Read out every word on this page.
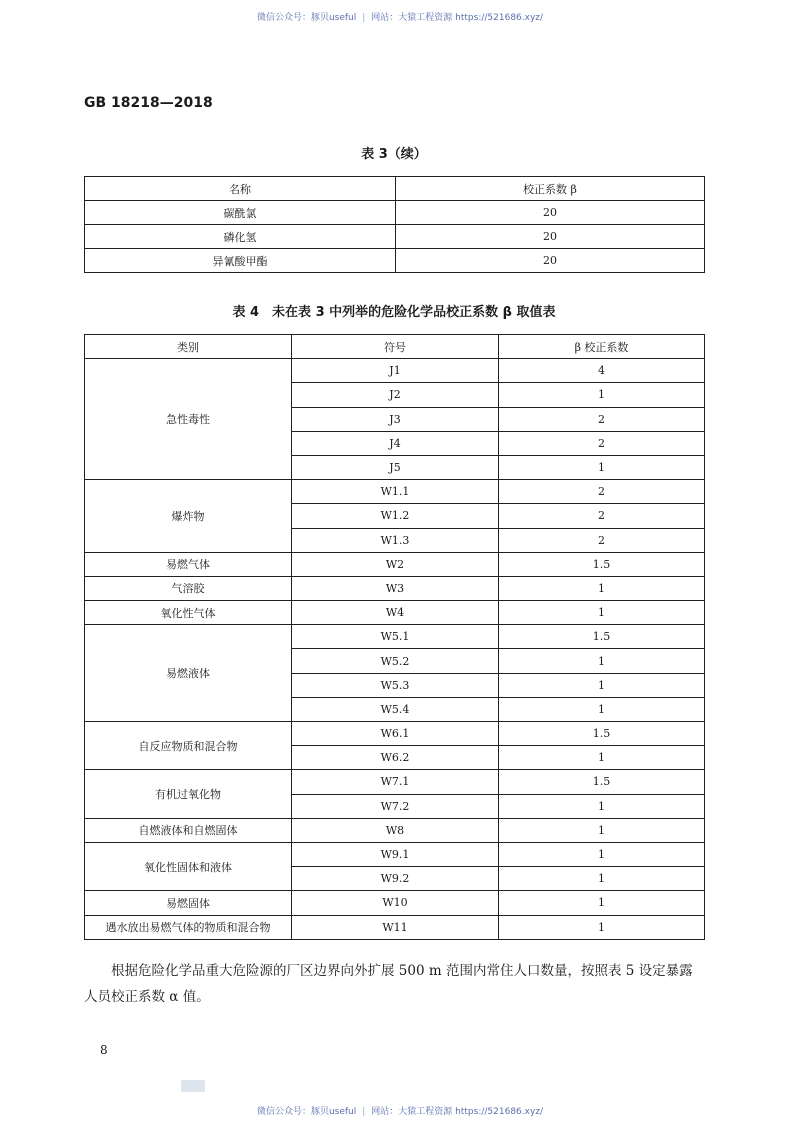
微信公众号：豚贝useful | 网站：大猿工程资源 https://521686.xyz/
GB 18218—2018
表 3（续）
名称	校正系数 β
碳酰氯	20
磷化氢	20
异氰酸甲酯	20
表 4　未在表 3 中列举的危险化学品校正系数 β 取值表
类别	符号	β 校正系数
急性毒性	J1	4
	J2	1
	J3	2
	J4	2
	J5	1
爆炸物	W1.1	2
	W1.2	2
	W1.3	2
易燃气体	W2	1.5
气溶胶	W3	1
氧化性气体	W4	1
易燃液体	W5.1	1.5
	W5.2	1
	W5.3	1
	W5.4	1
自反应物质和混合物	W6.1	1.5
	W6.2	1
有机过氧化物	W7.1	1.5
	W7.2	1
自燃液体和自燃固体	W8	1
氧化性固体和液体	W9.1	1
	W9.2	1
易燃固体	W10	1
遇水放出易燃气体的物质和混合物	W11	1
根据危险化学品重大危险源的厂区边界向外扩展 500 m 范围内常住人口数量，按照表 5 设定暴露人员校正系数 α 值。
8
微信公众号：豚贝useful | 网站：大猿工程资源 https://521686.xyz/
